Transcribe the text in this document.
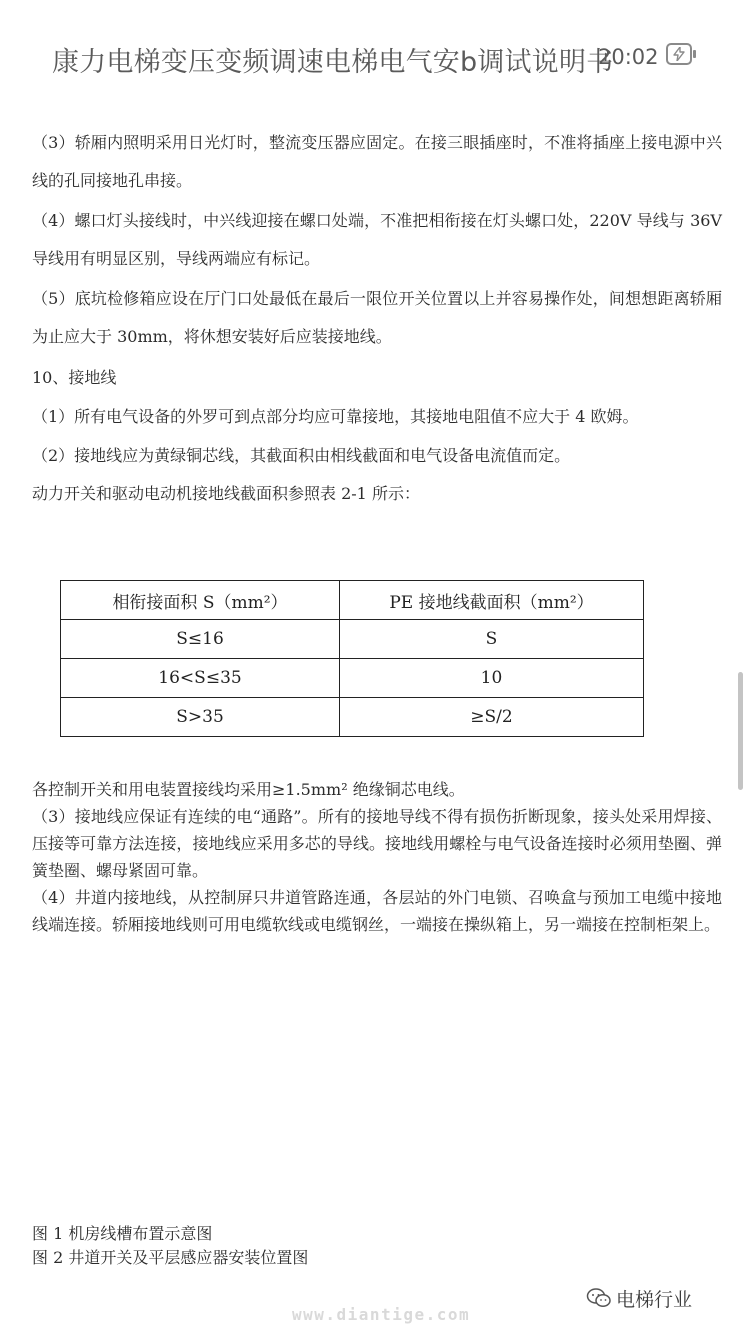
康力电梯变压变频调速电梯电气安b调试说明书
20:02

（3）轿厢内照明采用日光灯时，整流变压器应固定。在接三眼插座时，不准将插座上接电源中兴线的孔同接地孔串接。

（4）螺口灯头接线时，中兴线迎接在螺口处端，不准把相衔接在灯头螺口处，220V 导线与 36V 导线用有明显区别，导线两端应有标记。

（5）底坑检修箱应设在厅门口处最低在最后一限位开关位置以上并容易操作处，间想想距离轿厢为止应大于 30mm，将休想安装好后应装接地线。

10、接地线

（1）所有电气设备的外罗可到点部分均应可靠接地，其接地电阻值不应大于 4 欧姆。

（2）接地线应为黄绿铜芯线，其截面积由相线截面和电气设备电流值而定。

动力开关和驱动电动机接地线截面积参照表 2-1 所示：

相衔接面积 S（mm²）	PE 接地线截面积（mm²）
S≤16	S
16<S≤35	10
S>35	≥S/2

各控制开关和用电装置接线均采用≥1.5mm² 绝缘铜芯电线。

（3）接地线应保证有连续的电“通路”。所有的接地导线不得有损伤折断现象，接头处采用焊接、压接等可靠方法连接，接地线应采用多芯的导线。接地线用螺栓与电气设备连接时必须用垫圈、弹簧垫圈、螺母紧固可靠。

（4）井道内接地线，从控制屏只井道管路连通，各层站的外门电锁、召唤盒与预加工电缆中接地线端连接。轿厢接地线则可用电缆软线或电缆钢丝，一端接在操纵箱上，另一端接在控制柜架上。

图 1 机房线槽布置示意图
图 2 井道开关及平层感应器安装位置图
www.diantige.com
电梯行业
